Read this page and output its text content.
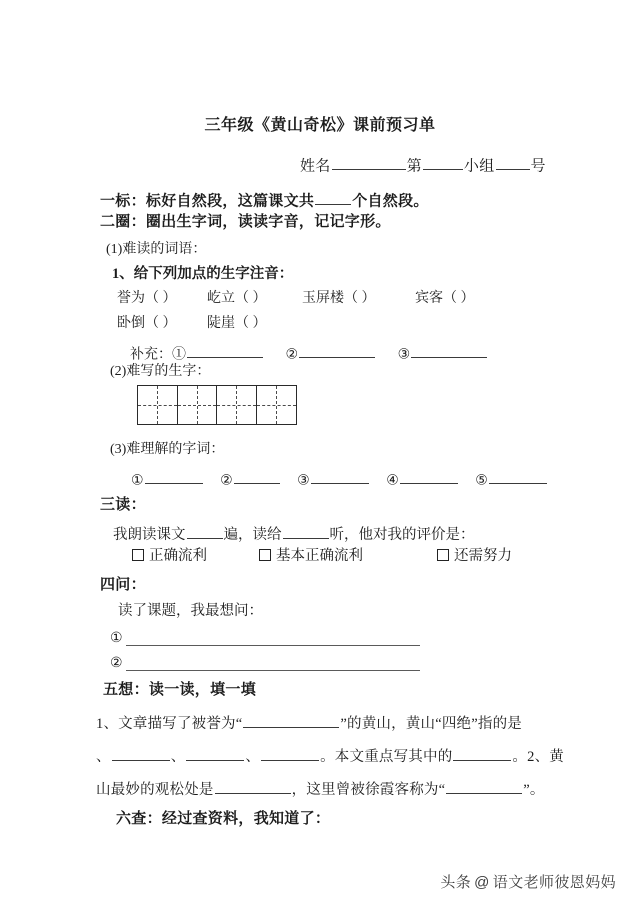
三年级《黄山奇松》课前预习单
姓名	第	小组 号
一标：标好自然段，这篇课文共	个自然段。
二圈：圈出生字词，读读字音，记记字形。
(1)难读的词语：
1、给下列加点的生字注音：
誉为（ ） 屹立（ ）	玉屏楼（ ）	宾客（ ）
卧倒（ ） 陡崖（ ）
补充：①	②	③
(2)难写的生字：
(3)难理解的字词：
①	②	③	④	⑤
三读：
我朗读课文	遍，读给	听，他对我的评价是：
正确流利	基本正确流利	还需努力
四问：
读了课题，我最想问：
①
②
五想：读一读，填一填
1、文章描写了被誉为“	”的黄山，黄山“四绝”指的是
、	、	、	。本文重点写其中的	。2、黄
山最妙的观松处是	，这里曾被徐霞客称为“	”。
六查：经过查资料，我知道了：
头条 @ 语文老师彼恩妈妈
